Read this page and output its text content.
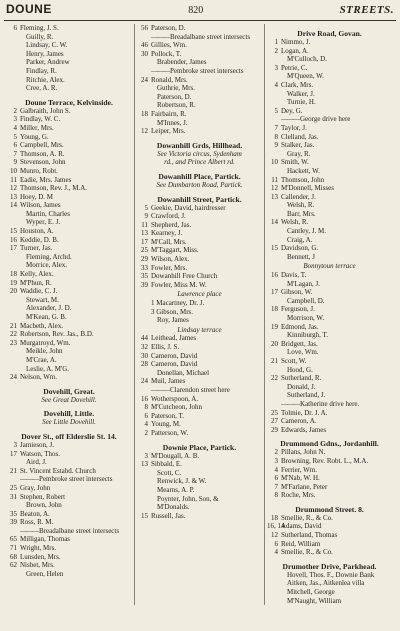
DOUNE	820	STREETS.
6 Fleming, J. S.
Guilly, R.
Lindsay, C. W.
Henry, James
Parker, Andrew
Findlay, R.
Ritchie, Alex.
Cree, A. R.
Doune Terrace, Kelvinside.
2 Galbraith, John S.
3 Findlay, W. C.
4 Miller, Mrs.
5 Young, G.
6 Campbell, Mrs.
7 Thomson, A. R.
9 Stevenson, John
10 Munro, Robt.
11 Eadie, Mrs. James
12 Thomson, Rev. J., M.A.
13 Hoey, D. M
14 Wilson, James
Martin, Charles
Wyper, E. J.
15 Houston, A.
16 Keddie, D. B.
17 Turner, Jas.
Fleming, Archd.
Morrice, Alex.
18 Kelly, Alex.
19 M'Phun, R.
20 Waddie, C. J.
Stewart, M.
Alexander, J. D.
M'Kean, G. B.
21 Macbeth, Alex.
22 Robertson, Rev. Jas., B.D.
23 Murgatroyd, Wm.
Meikle, John
M'Crae, A.
Leslie, A. M'G.
24 Nelson, Wm.
Dovehill, Great.
See Great Dovehill.
Dovehill, Little.
See Little Dovehill.
Dover St., off Elderslie St. 14.
3 Jamieson, J.
17 Watson, Thos.
Aird, J.
21 St. Vincent Estabd. Church
——— Pembroke street intersects
25 Gray, John
31 Stephen, Robert
Brown, John
35 Beaton, A.
39 Ross, R. M.
——— Breadalbane street intersects
65 Milligan, Thomas
71 Wright, Mrs.
68 Lunsden, Mrs.
62 Nisbet, Mrs.
Green, Helen
56 Paterson, D.
——— Breadalbane street intersects
46 Gillies, Wm.
30 Pollock, T.
Brabender, James
——— Pembroke street intersects
24 Ronald, Mrs.
Guthrie, Mrs.
Paterson, D.
Robertson, R.
18 Fairbairn, R.
M'Innes, J.
12 Leiper, Mrs.
Dowanhill Grds, Hillhead.
See Victoria circus, Sydenham
rd., and Prince Albert rd.
Dowanhill Place, Partick.
See Dumbarton Road, Partick.
Dowanhill Street, Partick.
5 Geekie, David, hairdresser
9 Crawford, J.
11 Shepherd, Jas.
13 Kearney, J.
17 M'Call, Mrs.
25 M'Taggart, Miss.
29 Wilson, Alex.
33 Fowler, Mrs.
35 Dowanhill Free Church
39 Fowler, Miss M. W.
Lawrence place
1 Macartney, Dr. J.
3 Gibson, Mrs.
Roy, James
Lindsay terrace
44 Leithead, James
32 Ellis, J. S.
30 Cameron, David
28 Cameron, David
Donellan, Michael
24 Muil, James
——— Clarendon street here
16 Wotherspoon, A.
8 M'Cutcheon, John
6 Paterson, T.
4 Young, M.
2 Patterson, W.
Downie Place, Partick.
3 M'Dougall, A. B.
13 Sibbald, E.
Scott, C.
Renwick, J. & W.
Mearns, A. P.
Poynter, John, Son, &
M'Donalds.
15 Russell, Jas.
Drive Road, Govan.
1 Nimmo, J.
2 Logan, A.
M'Culloch, D.
3 Petrie, C.
M'Queen, W.
4 Clark, Mrs.
Walker, J.
Turnie, H.
5 Dey, G.
——— George drive here
7 Taylor, J.
8 Clelland, Jas.
9 Stalker, Jas.
Gray, R.
10 Smith, W.
Hackett, W.
11 Thomson, John
12 M'Donnell, Misses
13 Callender, J.
Welsh, R.
Barr, Mrs.
14 Welsh, R.
Cantley, J. M.
Craig, A.
15 Davidson, G.
Bennett, J
Bonnytoun terrace
16 Davis, T.
M'Lagan, J.
17 Gibson, W.
Campbell, D.
18 Ferguson, J.
Morrison, W.
19 Edmond, Jas.
Kinniburgh, T.
20 Bridgett, Jas.
Love, Wm.
21 Scott, W.
Hood, G.
22 Sutherland, R.
Donald, J.
Sutherland, J.
——— Katherine drive here.
25 Tolmie, Dr. J. A.
27 Cameron, A.
29 Edwards, James
Drummond Gdns., Jordanhill.
2 Pillans, John N.
3 Browning, Rev. Robt. L., M.A.
4 Ferrier, Wm.
6 M'Nab, W. H.
7 M'Farlane, Peter
8 Roche, Mrs.
Drummond Street. 8.
18 Smellie, R., & Co.
16, 14
Adams, David
12 Sutherland, Thomas
6 Reid, William
4 Smellie, R., & Co.
Drumother Drive, Parkhead.
Hovell, Thos. F., Downie Bank
Aitken, Jas., Aitkenlea villa
Mitchell, George
M'Naught, William
